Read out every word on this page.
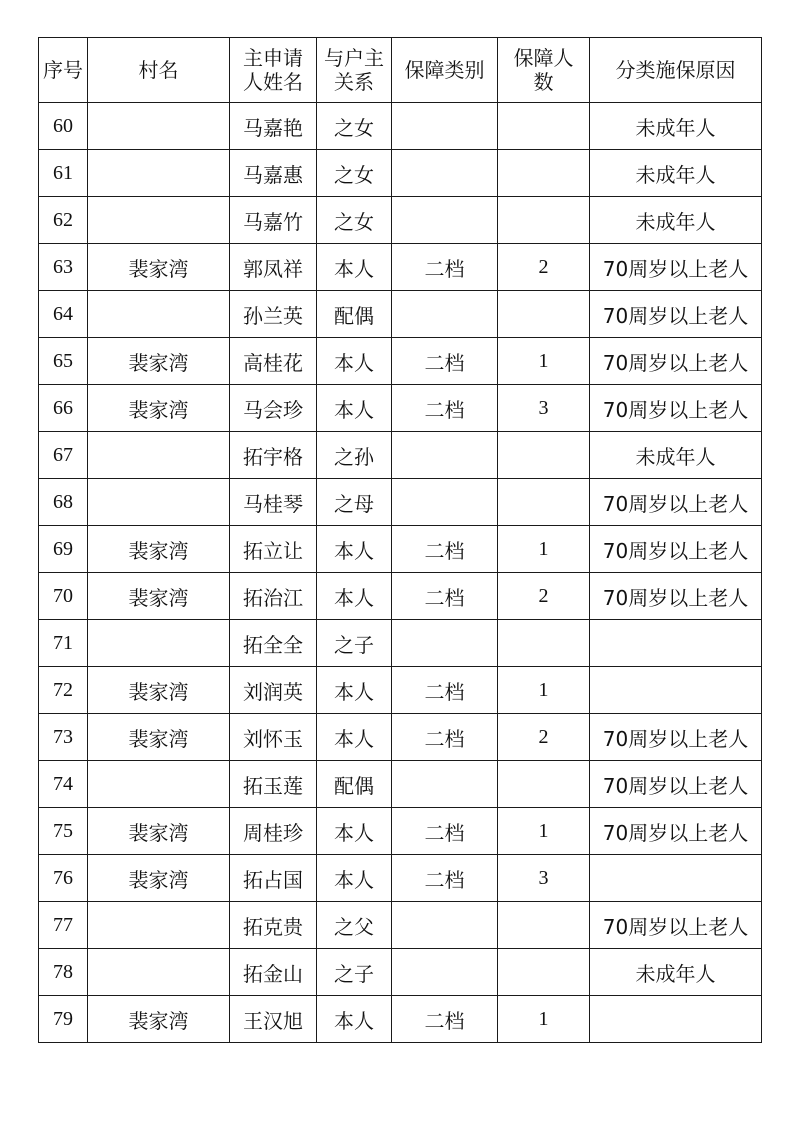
序号	村名	主申请人姓名	与户主关系	保障类别	保障人数	分类施保原因
60		马嘉艳	之女			未成年人
61		马嘉惠	之女			未成年人
62		马嘉竹	之女			未成年人
63	裴家湾	郭凤祥	本人	二档	2	70周岁以上老人
64		孙兰英	配偶			70周岁以上老人
65	裴家湾	高桂花	本人	二档	1	70周岁以上老人
66	裴家湾	马会珍	本人	二档	3	70周岁以上老人
67		拓宇格	之孙			未成年人
68		马桂琴	之母			70周岁以上老人
69	裴家湾	拓立让	本人	二档	1	70周岁以上老人
70	裴家湾	拓治江	本人	二档	2	70周岁以上老人
71		拓全全	之子			
72	裴家湾	刘润英	本人	二档	1	
73	裴家湾	刘怀玉	本人	二档	2	70周岁以上老人
74		拓玉莲	配偶			70周岁以上老人
75	裴家湾	周桂珍	本人	二档	1	70周岁以上老人
76	裴家湾	拓占国	本人	二档	3	
77		拓克贵	之父			70周岁以上老人
78		拓金山	之子			未成年人
79	裴家湾	王汉旭	本人	二档	1	
